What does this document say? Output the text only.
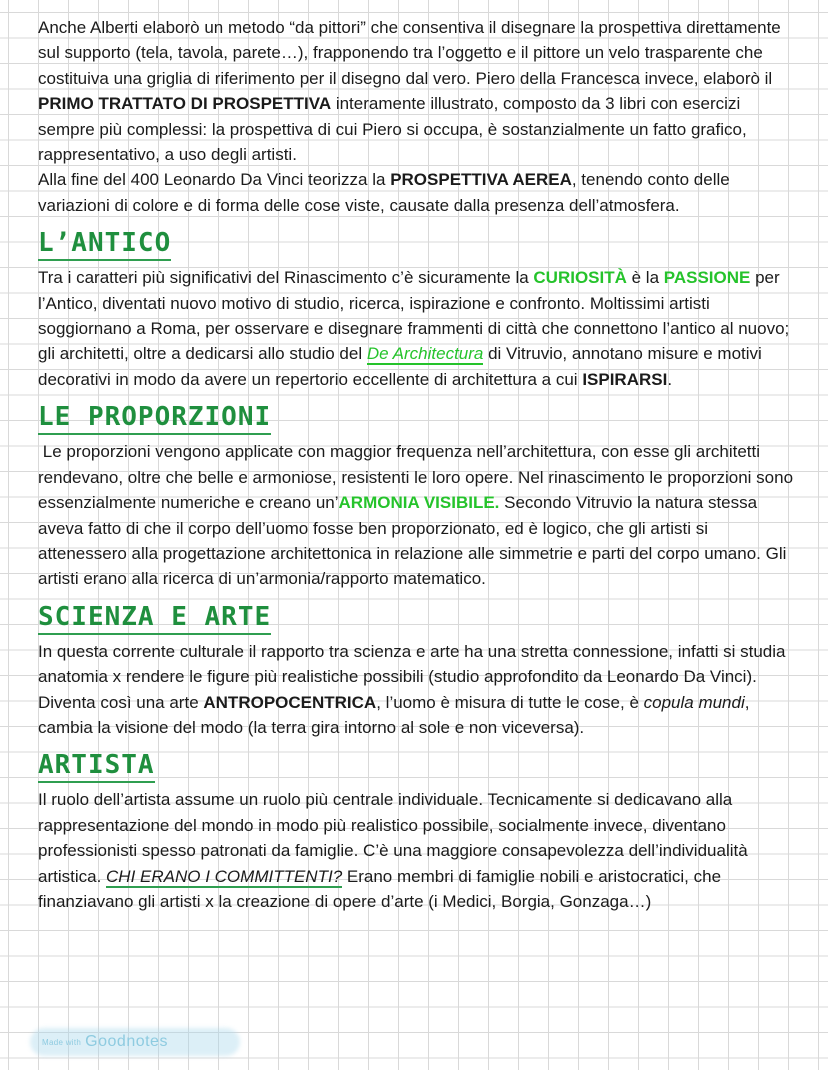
Made with Goodnotes

Anche Alberti elaborò un metodo “da pittori” che consentiva il disegnare la prospettiva direttamente sul supporto (tela, tavola, parete…), frapponendo tra l’oggetto e il pittore un velo trasparente che costituiva una griglia di riferimento per il disegno dal vero. Piero della Francesca invece, elaborò il PRIMO TRATTATO DI PROSPETTIVA interamente illustrato, composto da 3 libri con esercizi sempre più complessi: la prospettiva di cui Piero si occupa, è sostanzialmente un fatto grafico, rappresentativo, a uso degli artisti.

Alla fine del 400 Leonardo Da Vinci teorizza la PROSPETTIVA AEREA, tenendo conto delle variazioni di colore e di forma delle cose viste, causate dalla presenza dell’atmosfera.

L’ANTICO

Tra i caratteri più significativi del Rinascimento c’è sicuramente la CURIOSITÀ è la PASSIONE per l’Antico, diventati nuovo motivo di studio, ricerca, ispirazione e confronto. Moltissimi artisti soggiornano a Roma, per osservare e disegnare frammenti di città che connettono l’antico al nuovo; gli architetti, oltre a dedicarsi allo studio del De Architectura di Vitruvio, annotano misure e motivi decorativi in modo da avere un repertorio eccellente di architettura a cui ISPIRARSI.

LE PROPORZIONI

Le proporzioni vengono applicate con maggior frequenza nell’architettura, con esse gli architetti rendevano, oltre che belle e armoniose, resistenti le loro opere. Nel rinascimento le proporzioni sono essenzialmente numeriche e creano un’ARMONIA VISIBILE. Secondo Vitruvio la natura stessa aveva fatto di che il corpo dell’uomo fosse ben proporzionato, ed è logico, che gli artisti si attenessero alla progettazione architettonica in relazione alle simmetrie e parti del corpo umano. Gli artisti erano alla ricerca di un’armonia/rapporto matematico.

SCIENZA E ARTE

In questa corrente culturale il rapporto tra scienza e arte ha una stretta connessione, infatti si studia anatomia x rendere le figure più realistiche possibili (studio approfondito da Leonardo Da Vinci). Diventa così una arte ANTROPOCENTRICA, l’uomo è misura di tutte le cose, è copula mundi, cambia la visione del modo (la terra gira intorno al sole e non viceversa).

ARTISTA

Il ruolo dell’artista assume un ruolo più centrale individuale. Tecnicamente si dedicavano alla rappresentazione del mondo in modo più realistico possibile, socialmente invece, diventano professionisti spesso patronati da famiglie. C’è una maggiore consapevolezza dell’individualità artistica. CHI ERANO I COMMITTENTI? Erano membri di famiglie nobili e aristocratici, che finanziavano gli artisti x la creazione di opere d’arte (i Medici, Borgia, Gonzaga…)
